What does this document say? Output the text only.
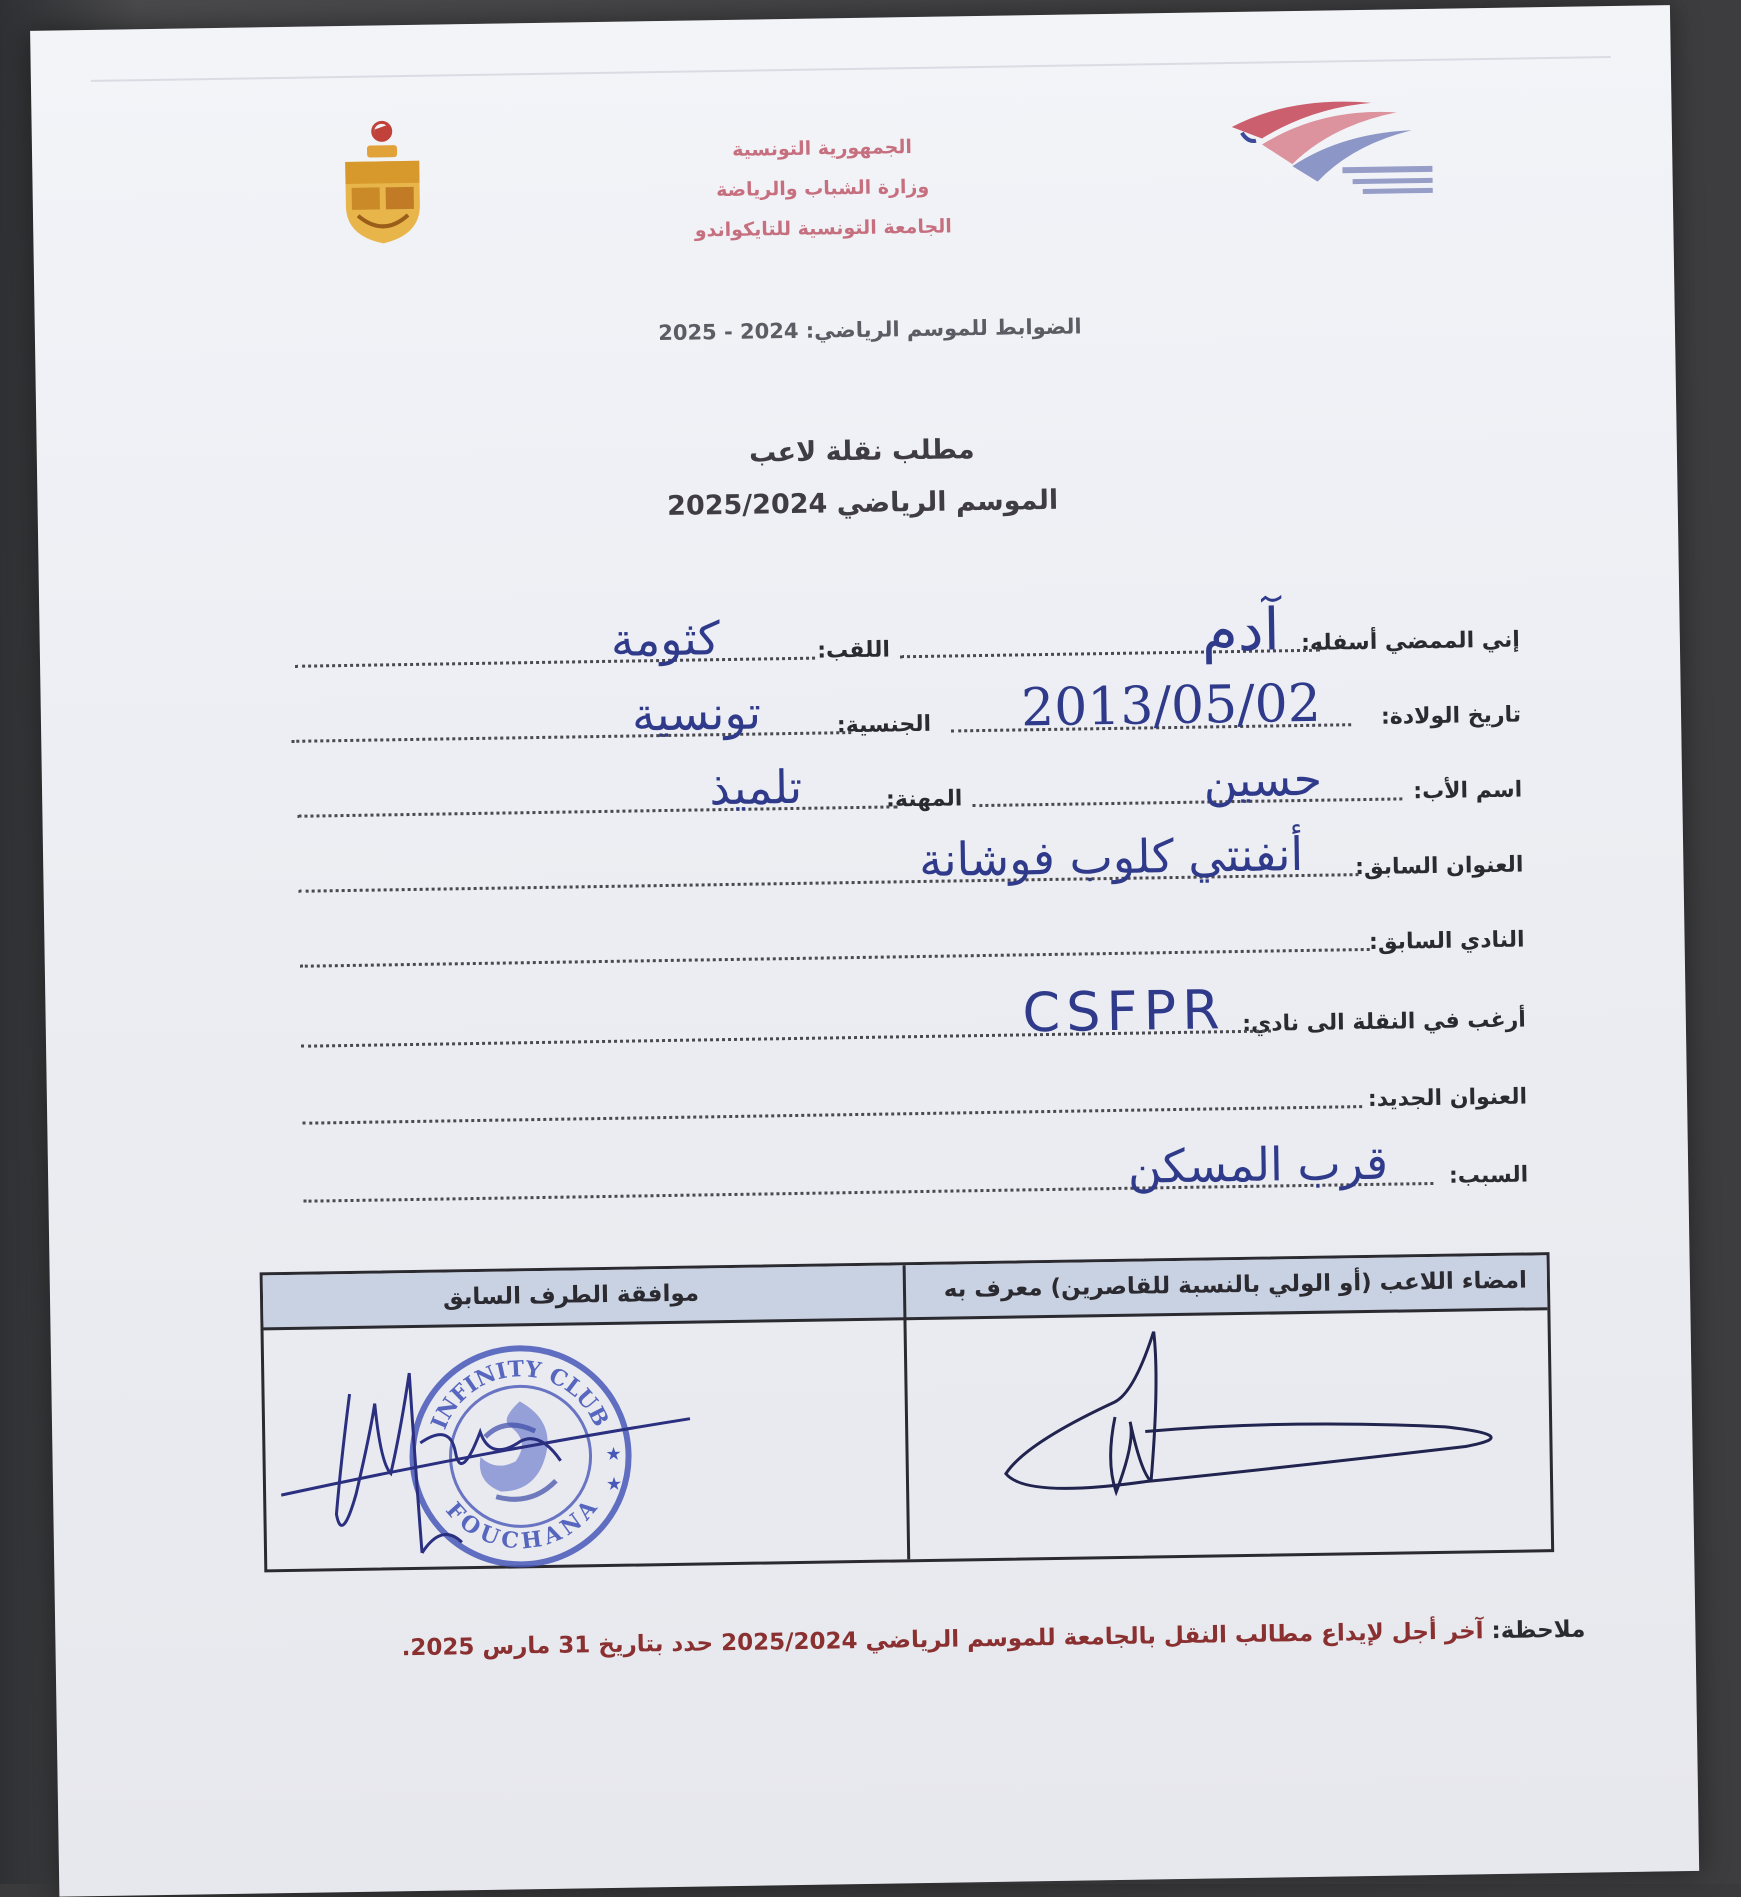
الجمهورية التونسية
وزارة الشباب والرياضة
الجامعة التونسية للتايكواندو
الضوابط للموسم الرياضي: 2024 - 2025
مطلب نقلة لاعب
الموسم الرياضي 2025/2024
إني الممضي أسفله:
آدم
اللقب:
كثومة
تاريخ الولادة:
2013/05/02
الجنسية:
تونسية
اسم الأب:
حسين
المهنة:
تلميذ
العنوان السابق:
أنفنتي كلوب فوشانة
النادي السابق:
أرغب في النقلة الى نادي:
CSFPR
العنوان الجديد:
السبب:
قرب المسكن
امضاء اللاعب (أو الولي بالنسبة للقاصرين) معرف به
موافقة الطرف السابق
INFINITY CLUB
FOUCHANA
★
★
ملاحظة: آخر أجل لإيداع مطالب النقل بالجامعة للموسم الرياضي 2025/2024 حدد بتاريخ 31 مارس 2025.
